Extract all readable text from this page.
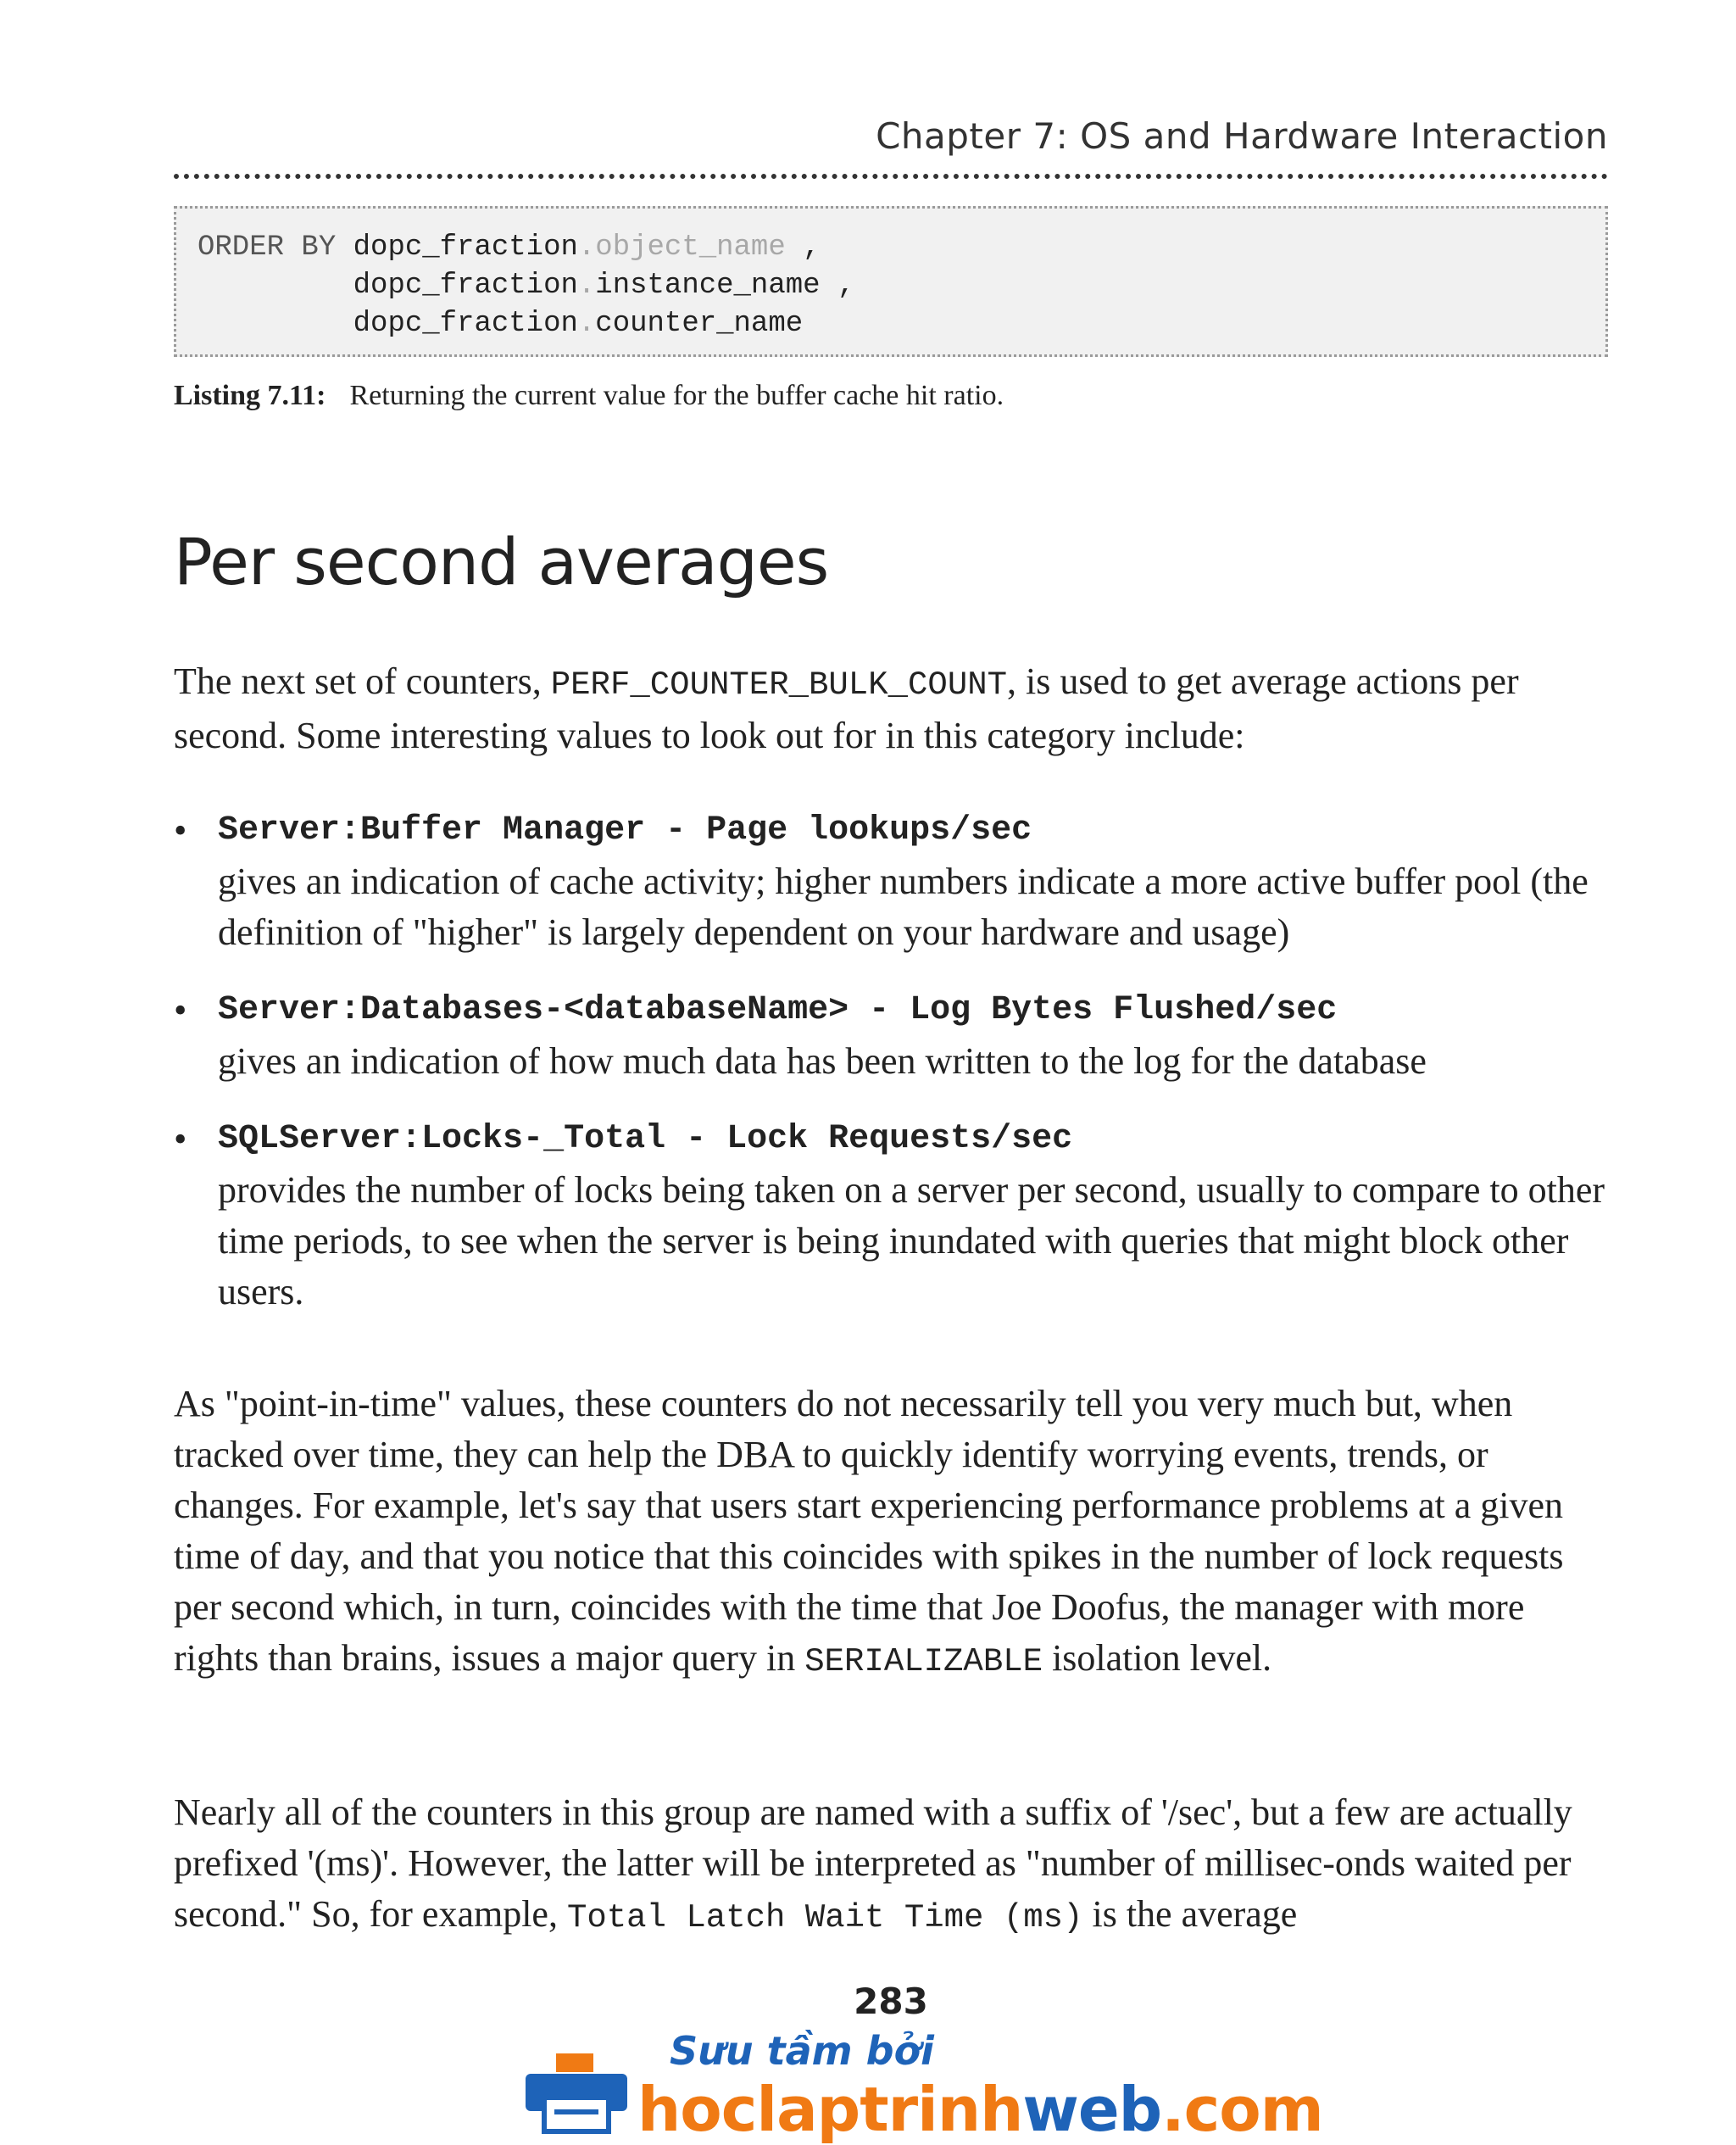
Chapter 7: OS and Hardware Interaction
ORDER BY dopc_fraction.object_name ,
dopc_fraction.instance_name ,
dopc_fraction.counter_name
Listing 7.11: Returning the current value for the buffer cache hit ratio.
Per second averages
The next set of counters, PERF_COUNTER_BULK_COUNT, is used to get average actions per second. Some interesting values to look out for in this category include:
• Server:Buffer Manager - Page lookups/sec
gives an indication of cache activity; higher numbers indicate a more active buffer pool (the definition of "higher" is largely dependent on your hardware and usage)
• Server:Databases-<databaseName> - Log Bytes Flushed/sec
gives an indication of how much data has been written to the log for the database
• SQLServer:Locks-_Total - Lock Requests/sec
provides the number of locks being taken on a server per second, usually to compare to other time periods, to see when the server is being inundated with queries that might block other users.
As "point-in-time" values, these counters do not necessarily tell you very much but, when tracked over time, they can help the DBA to quickly identify worrying events, trends, or changes. For example, let's say that users start experiencing performance problems at a given time of day, and that you notice that this coincides with spikes in the number of lock requests per second which, in turn, coincides with the time that Joe Doofus, the manager with more rights than brains, issues a major query in SERIALIZABLE isolation level.
Nearly all of the counters in this group are named with a suffix of '/sec', but a few are actually prefixed '(ms)'. However, the latter will be interpreted as "number of millisec-onds waited per second." So, for example, Total Latch Wait Time (ms) is the average
283
Sưu tầm bởi
hoclaptrinhweb.com
